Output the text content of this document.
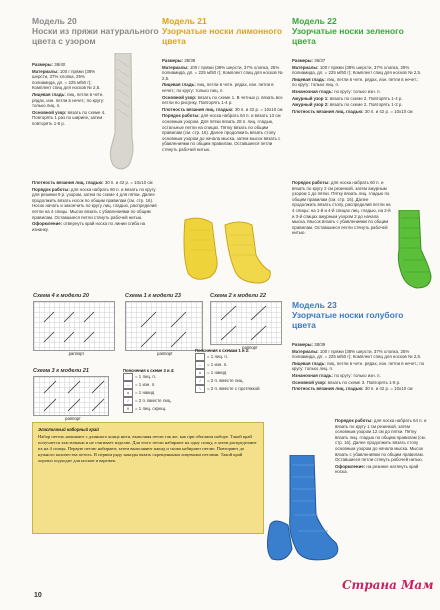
Модель 20
Носки из пряжи натурального цвета с узором

Размеры: 38/40

Материалы: 100 г пряжи (38% шерсти, 37% хлопка, 25% полиамида, дл. = 225 м/50 г); Комплект спиц для носков № 2,5.

Лицевая гладь: лиц. петли в четн. рядах, изн. петли в нечет.; по кругу: только лиц. п.

Основной узор: вязать по схеме 4. Повторять 1 раз по ширине, затем повторять 1-8 р.

Плотность вязания лиц. гладью: 30 п. и 42 р. = 10х10 см

Порядок работы: для носка набрать 60 п. и вязать по кругу для резинки 9 р. узором, затем по схеме 4 для пятки. Далее продолжить вязать носок по общим правилам (см. стр. 16). Носок начать и закончить по кругу лиц. гладью, распределив петли на 4 спицы. Мысок вязать с убавлениями по общим правилам. Оставшиеся петли стянуть рабочей нитью.

Оформление: отвернуть край носка по линии сгиба на изнанку.

Модель 21
Узорчатые носки лимонного цвета

Размеры: 38/39

Материалы: 100 г пряжи (38% шерсти, 37% хлопка, 25% полиамида, дл. = 225 м/50 г); Комплект спиц для носков № 2,5.

Лицевая гладь: лиц. петли в четн. рядах, изн. петли в нечет.; по кругу: только лиц. п.

Основной узор: вязать по схеме 1. В четных р. вязать все петли по рисунку. Повторять 1-4 р.

Плотность вязания лиц. гладью: 30 п. и 42 р. = 10х10 см

Порядок работы: для носка набрать 64 п. и вязать 13 см основным узором. Для пятки вязать 28 п. лиц. гладью, остальные петли на спицах. Пятку вязать по общим правилам (см. стр. 16). Далее продолжить вязать стопу основным узором до начала мыска, затем мысок вязать с убавлениями по общим правилам. Оставшиеся петли стянуть рабочей нитью.

Модель 22
Узорчатые носки зеленого цвета

Размеры: 36/37

Материалы: 100 г пряжи (38% шерсти, 37% хлопка, 25% полиамида, дл. = 225 м/50 г); Комплект спиц для носков № 2,5.

Лицевая гладь: лиц. петли в четн. рядах, изн. петли в нечет.; по кругу: только лиц. п.

Изнаночная гладь: по кругу: только изн. п.

Ажурный узор 1: вязать по схеме 2. Повторять 1-4 р.

Ажурный узор 2: вязать по схеме 2. Повторять 1-2 р.

Плотность вязания лиц. гладью: 30 п. и 42 р. = 10х10 см

Порядок работы: для носка набрать 60 п. и вязать по кругу 2 см резинкой, затем ажурным узором 1 до пятки. Пятку вязать лиц. гладью по общим правилам (см. стр. 16). Далее продолжить вязать стопу, распределив петли на 4 спицы: на 1-й и 4-й спицах лиц. гладью, на 2-й и 3-й спицах ажурным узором 2 до начала мыска. Мысок вязать с убавлениями по общим правилам. Оставшиеся петли стянуть рабочей нитью.

Схема 4 к модели 20
раппорт
Схема 1 к модели 23
раппорт
Схема 2 к модели 22
раппорт
Схема 3 к модели 21
раппорт
Пояснения к схеме 3 и 4:
= 1 лиц. п.
– = 1 изн. п.
o = 1 накид
/ = 2 п. вместе лиц.
X = 1 лиц. скрещ.
Пояснения к схемам 1 и 2:
= 1 лиц. п.
– = 1 изн. п.
o = 1 накид
/ = 2 п. вместе лиц.
\ = 2 п. вместе с протяжкой
Модель 23
Узорчатые носки голубого цвета

Размеры: 38/39

Материалы: 100 г пряжи (38% шерсти, 37% хлопка, 25% полиамида, дл. = 225 м/50 г); Комплект спиц для носков № 2,5.

Лицевая гладь: лиц. петли в четн. рядах, изн. петли в нечет.; по кругу: только лиц. п.

Изнаночная гладь: по кругу: только изн. п.

Основной узор: вязать по схеме 3. Повторять 1-8 р.

Плотность вязания лиц. гладью: 30 п. и 42 р. = 10х10 см

Порядок работы: для носка набрать 64 п. и вязать по кругу 1 см резинкой, затем основным узором 12 см до пятки. Пятку вязать лиц. гладью по общим правилам (см. стр. 16). Далее продолжить вязать стопу основным узором до начала мыска. Мысок вязать с убавлениями по общим правилам. Оставшиеся петли стянуть рабочей нитью.

Оформление: на резинке натянуть край носка.

Эластичный наборный край
Набор петель начинают с длинного конца нити, выполняя петли так же, как при обычном наборе. Такой край получается эластичным и не стягивает изделие. Для этого петли набирают на одну спицу, а затем распределяют их на 4 спицы. Первую петлю набирают, затем выполняют накид и снова набирают петлю. Повторяют до нужного количества петель. В первом ряду накиды вязать скрещенными лицевыми петлями. Такой край хорошо подходит для носков и варежек.
10
Страна Мам
